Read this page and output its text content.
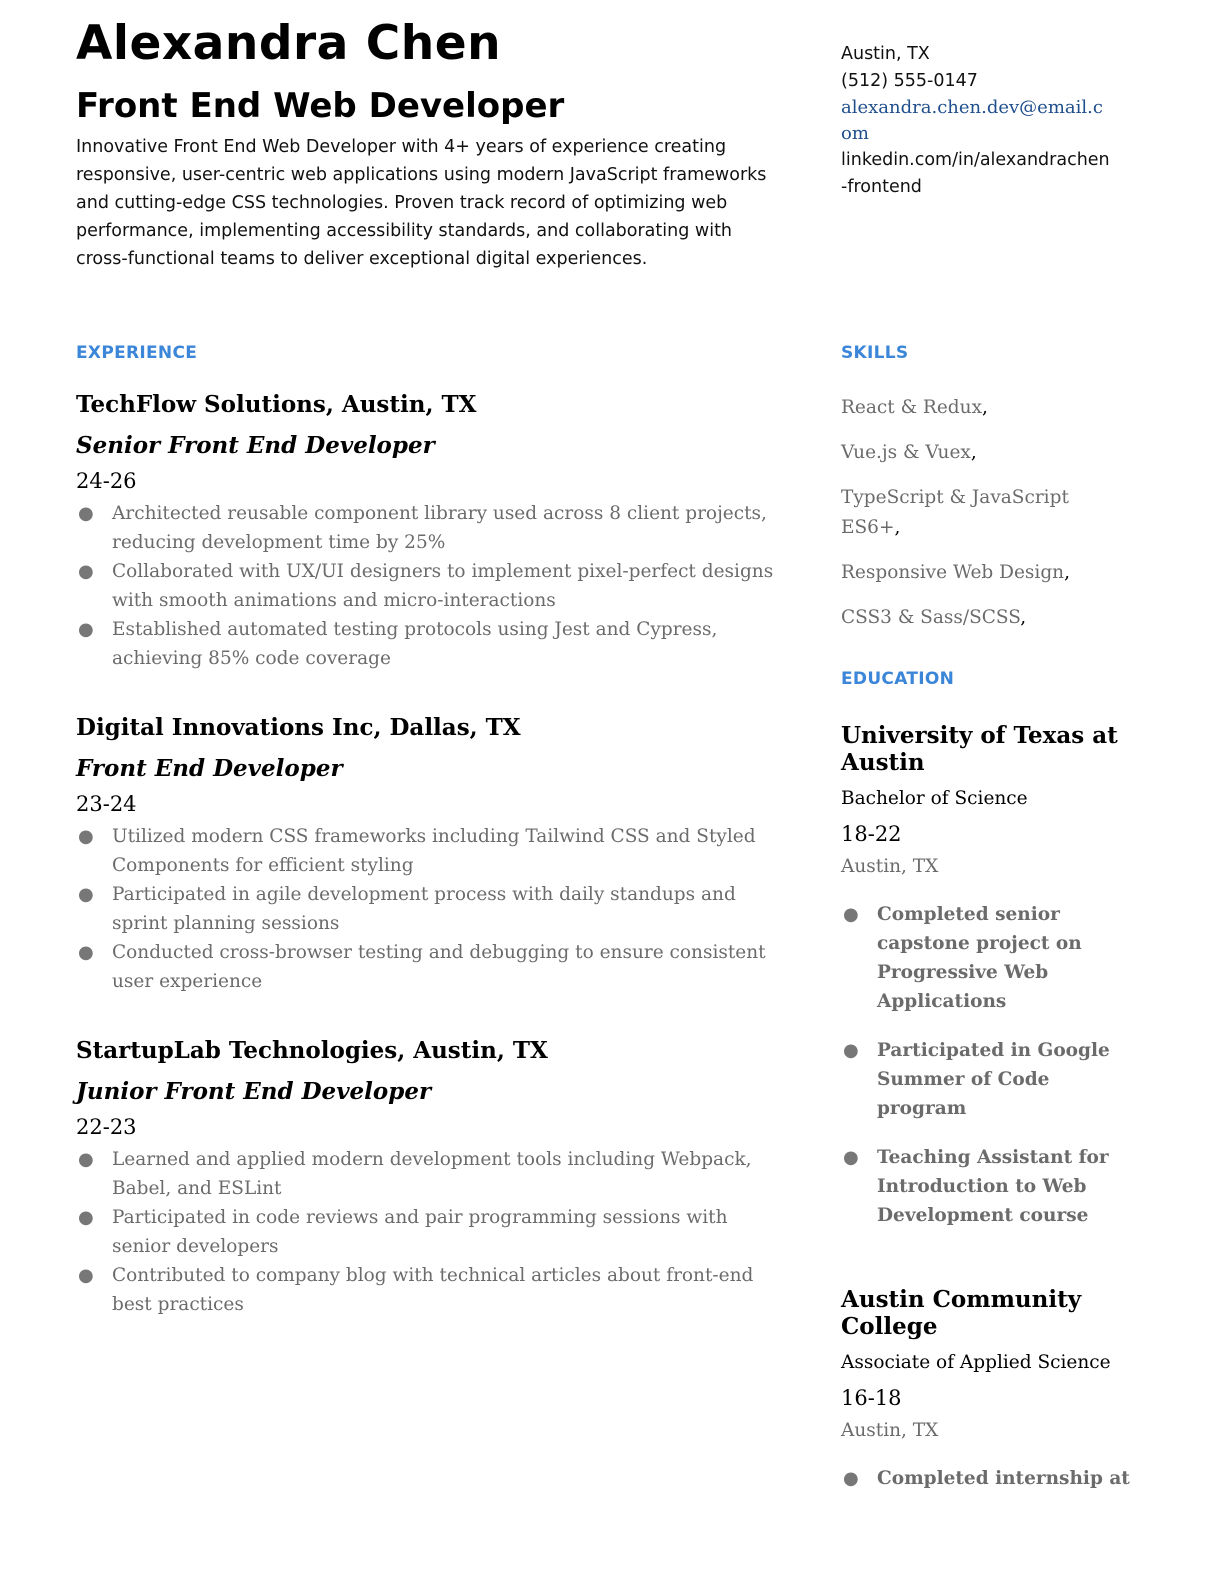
Alexandra Chen
Front End Web Developer

Innovative Front End Web Developer with 4+ years of experience creating responsive, user-centric web applications using modern JavaScript frameworks and cutting-edge CSS technologies. Proven track record of optimizing web performance, implementing accessibility standards, and collaborating with cross-functional teams to deliver exceptional digital experiences.

Austin, TX
(512) 555-0147
alexandra.chen.dev@email.com
linkedin.com/in/alexandrachen-frontend
EXPERIENCE	SKILLS
EDUCATION
TechFlow Solutions, Austin, TX
Senior Front End Developer
24-26
● Architected reusable component library used across 8 client projects, reducing development time by 25%
● Collaborated with UX/UI designers to implement pixel-perfect designs with smooth animations and micro-interactions
● Established automated testing protocols using Jest and Cypress, achieving 85% code coverage
Digital Innovations Inc, Dallas, TX
Front End Developer
23-24
● Utilized modern CSS frameworks including Tailwind CSS and Styled Components for efficient styling
● Participated in agile development process with daily standups and sprint planning sessions
● Conducted cross-browser testing and debugging to ensure consistent user experience
StartupLab Technologies, Austin, TX
Junior Front End Developer
22-23
● Learned and applied modern development tools including Webpack, Babel, and ESLint
● Participated in code reviews and pair programming sessions with senior developers
● Contributed to company blog with technical articles about front-end best practices
React & Redux,
Vue.js & Vuex,
TypeScript & JavaScript ES6+,
Responsive Web Design,
CSS3 & Sass/SCSS,
University of Texas at Austin
Bachelor of Science
18-22
Austin, TX
● Completed senior capstone project on Progressive Web Applications
● Participated in Google Summer of Code program
● Teaching Assistant for Introduction to Web Development course
Austin Community College
Associate of Applied Science
16-18
Austin, TX
● Completed internship at
